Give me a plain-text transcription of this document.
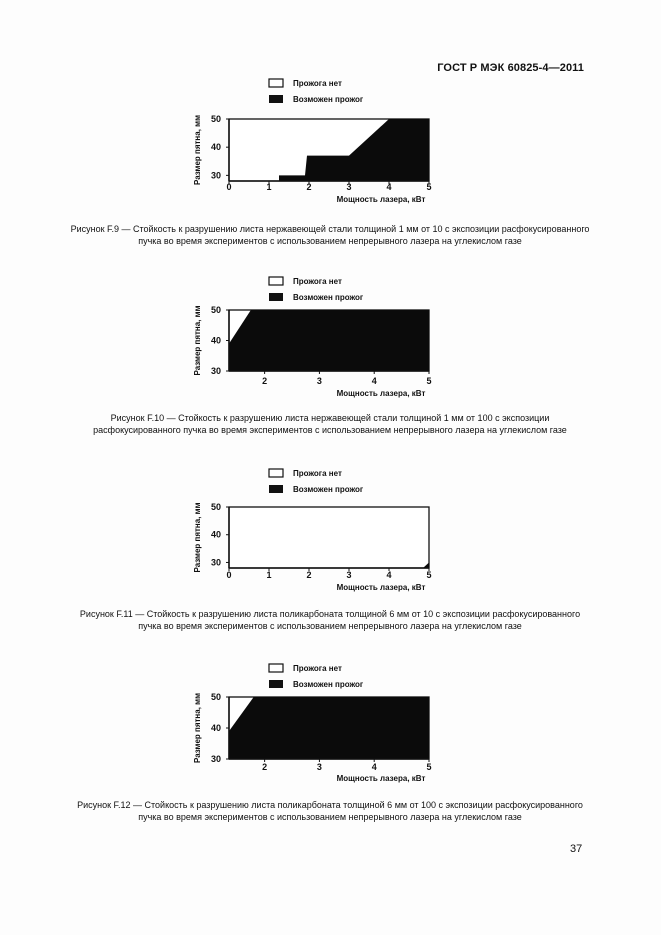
ГОСТ Р МЭК 60825-4—2011
Прожога нет
Возможен прожог
0	1	2	3	4	5
30
40
50
Мощность лазера, кВт
Размер пятна, мм
Рисунок F.9 — Стойкость к разрушению листа нержавеющей стали толщиной 1 мм от 10 с экспозиции расфокусированного пучка во время экспериментов с использованием непрерывного лазера на углекислом газе
Прожога нет
Возможен прожог
2	3	4	5
30
40
50
Мощность лазера, кВт
Размер пятна, мм
Рисунок F.10 — Стойкость к разрушению листа нержавеющей стали толщиной 1 мм от 100 с экспозиции расфокусированного пучка во время экспериментов с использованием непрерывного лазера на углекислом газе
Прожога нет
Возможен прожог
0	1	2	3	4	5
30
40
50
Мощность лазера, кВт
Размер пятна, мм
Рисунок F.11 — Стойкость к разрушению листа поликарбоната толщиной 6 мм от 10 с экспозиции расфокусированного пучка во время экспериментов с использованием непрерывного лазера на углекислом газе
Прожога нет
Возможен прожог
2	3	4	5
30
40
50
Мощность лазера, кВт
Размер пятна, мм
Рисунок F.12 — Стойкость к разрушению листа поликарбоната толщиной 6 мм от 100 с экспозиции расфокусированного пучка во время экспериментов с использованием непрерывного лазера на углекислом газе
37
